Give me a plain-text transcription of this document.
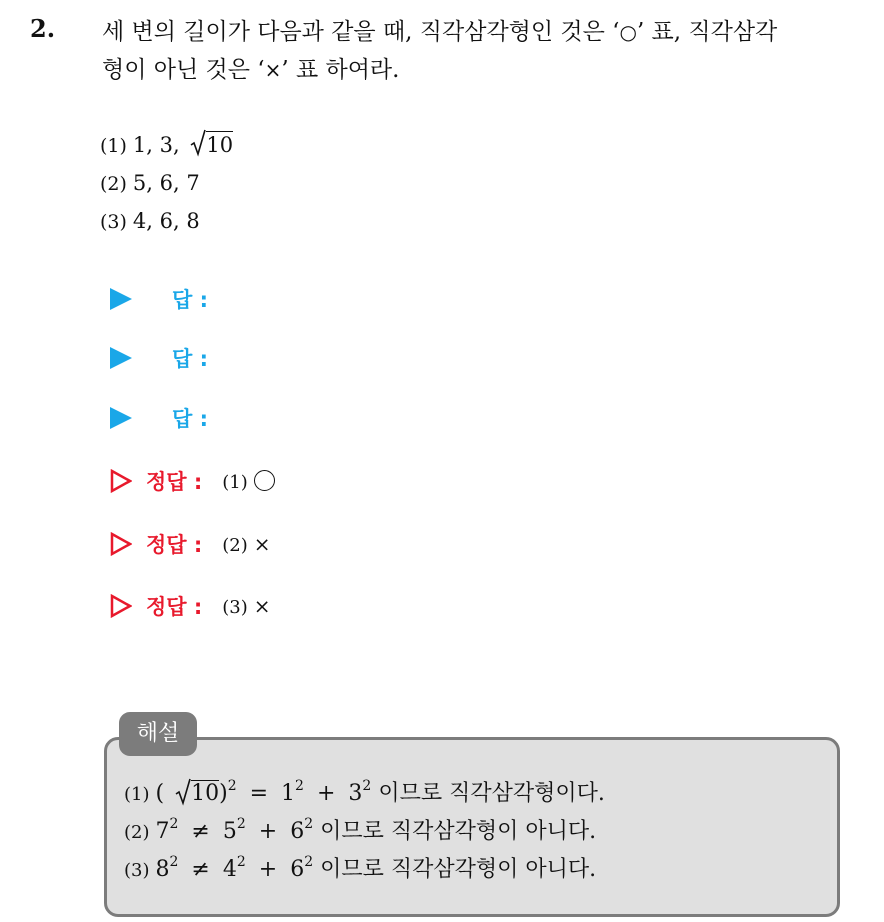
2. 세 변의 길이가 다음과 같을 때, 직각삼각형인 것은 ‘○’ 표, 직각삼각
형이 아닌 것은 ‘×’ 표 하여라.
(1) 1, 3, 10
(2) 5, 6, 7
(3) 4, 6, 8
답 :
답 :
답 :
정답 : (1)
정답 : (2) ×
정답 : (3) ×
해설
(1) ( $10)^2 = 1^2 + 3^2$ 이므로 직각삼각형이다.
(2) $7^2 \ne 5^2 + 6^2$ 이므로 직각삼각형이 아니다.
(3) $8^2 \ne 4^2 + 6^2$ 이므로 직각삼각형이 아니다.
